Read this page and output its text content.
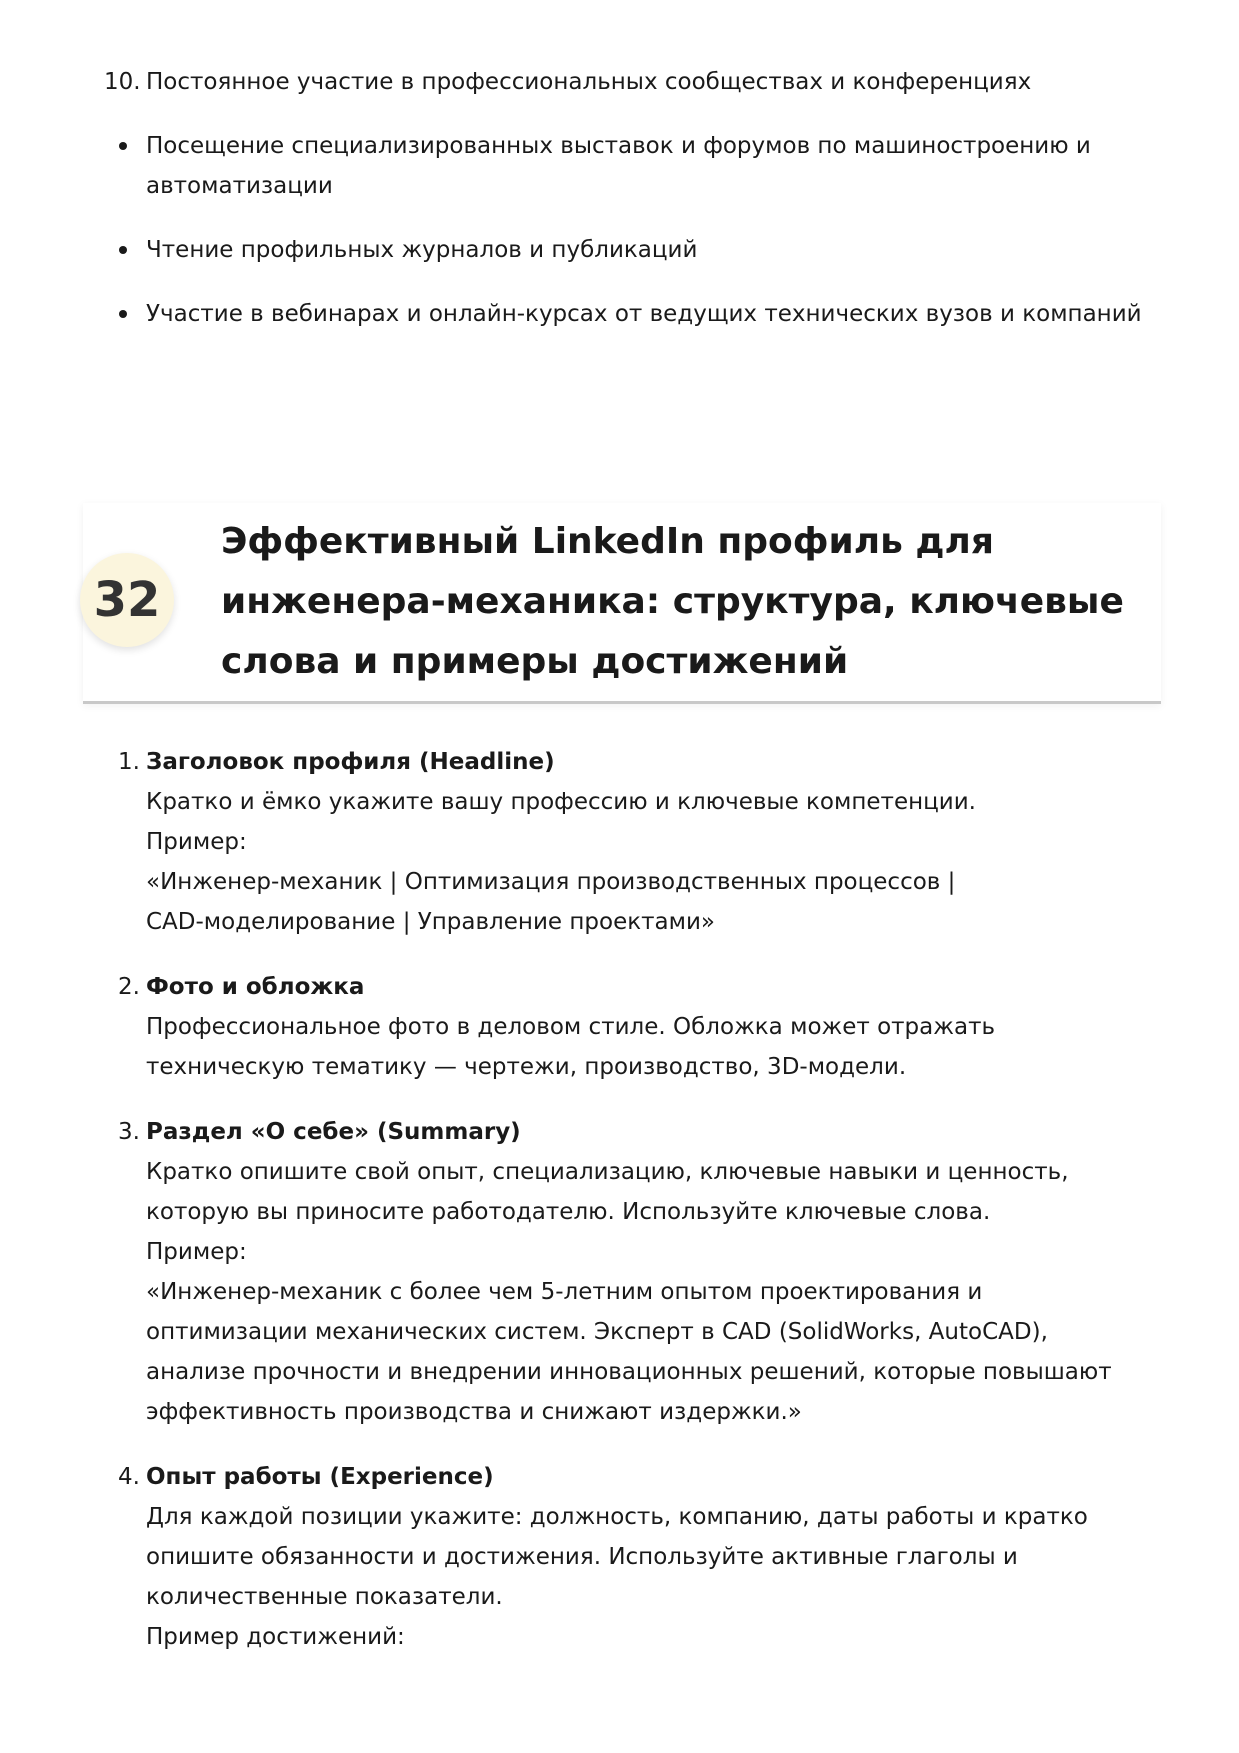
10. Постоянное участие в профессиональных сообществах и конференциях
Посещение специализированных выставок и форумов по машиностроению и автоматизации
Чтение профильных журналов и публикаций
Участие в вебинарах и онлайн-курсах от ведущих технических вузов и компаний
32
Эффективный LinkedIn профиль для инженера-механика: структура, ключевые слова и примеры достижений
1. Заголовок профиля (Headline)
Кратко и ёмко укажите вашу профессию и ключевые компетенции.
Пример:
«Инженер-механик | Оптимизация производственных процессов | CAD-моделирование | Управление проектами»
2. Фото и обложка
Профессиональное фото в деловом стиле. Обложка может отражать техническую тематику — чертежи, производство, 3D-модели.
3. Раздел «О себе» (Summary)
Кратко опишите свой опыт, специализацию, ключевые навыки и ценность, которую вы приносите работодателю. Используйте ключевые слова.
Пример:
«Инженер-механик с более чем 5-летним опытом проектирования и оптимизации механических систем. Эксперт в CAD (SolidWorks, AutoCAD), анализе прочности и внедрении инновационных решений, которые повышают эффективность производства и снижают издержки.»
4. Опыт работы (Experience)
Для каждой позиции укажите: должность, компанию, даты работы и кратко опишите обязанности и достижения. Используйте активные глаголы и количественные показатели.
Пример достижений:
